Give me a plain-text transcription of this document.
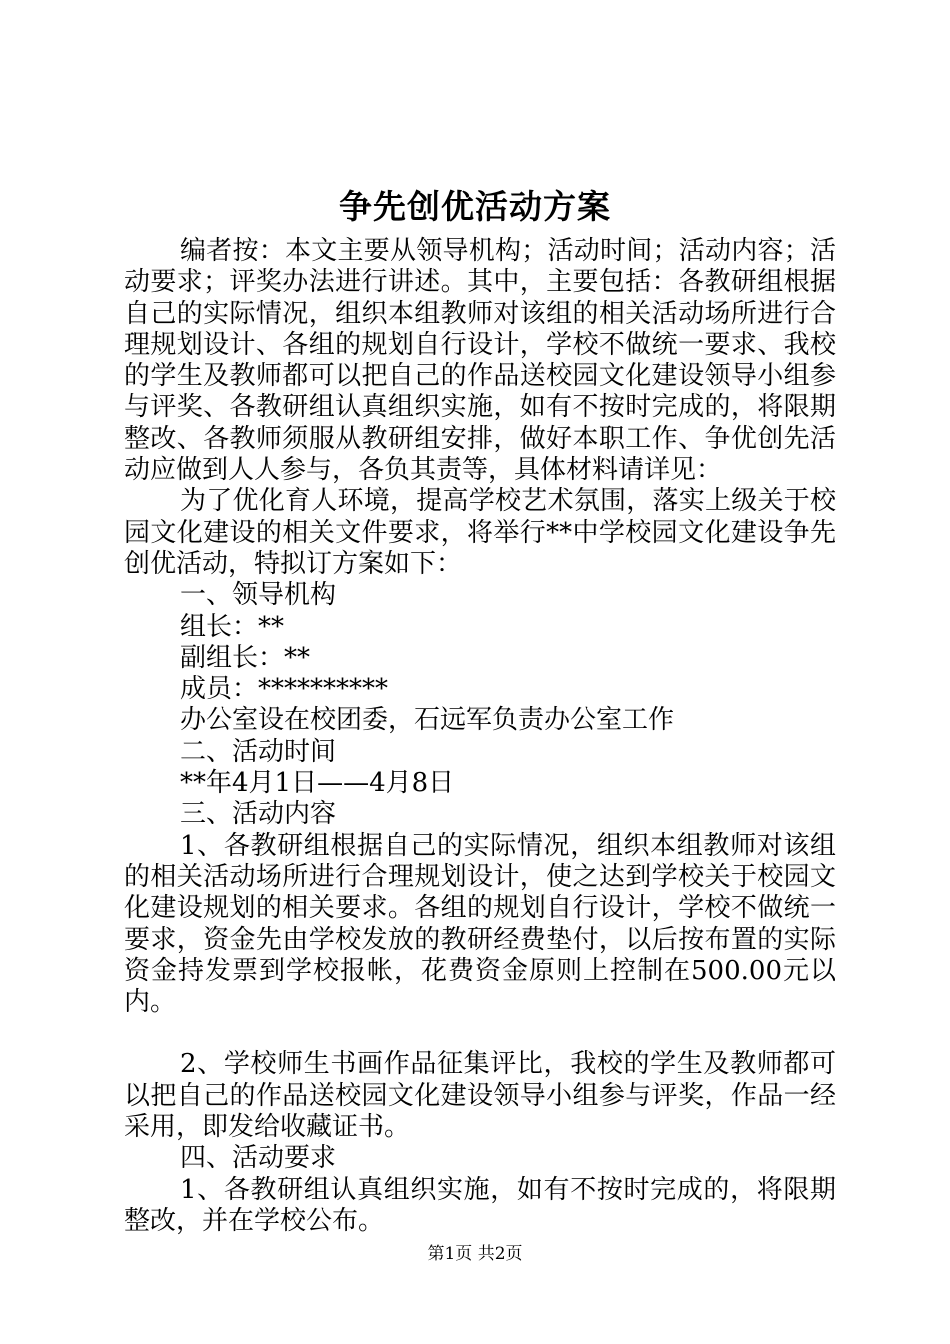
争先创优活动方案

编者按：本文主要从领导机构；活动时间；活动内容；活动要求；评奖办法进行讲述。其中，主要包括：各教研组根据自己的实际情况，组织本组教师对该组的相关活动场所进行合理规划设计、各组的规划自行设计，学校不做统一要求、我校的学生及教师都可以把自己的作品送校园文化建设领导小组参与评奖、各教研组认真组织实施，如有不按时完成的，将限期整改、各教师须服从教研组安排，做好本职工作、争优创先活动应做到人人参与，各负其责等，具体材料请详见：

为了优化育人环境，提高学校艺术氛围，落实上级关于校园文化建设的相关文件要求，将举行**中学校园文化建设争先创优活动，特拟订方案如下：

一、领导机构

组长：**

副组长：**

成员：**********

办公室设在校团委，石远军负责办公室工作

二、活动时间

**年4月1日——4月8日

三、活动内容

1、各教研组根据自己的实际情况，组织本组教师对该组的相关活动场所进行合理规划设计，使之达到学校关于校园文化建设规划的相关要求。各组的规划自行设计，学校不做统一要求，资金先由学校发放的教研经费垫付，以后按布置的实际资金持发票到学校报帐，花费资金原则上控制在500.00元以内。

2、学校师生书画作品征集评比，我校的学生及教师都可以把自己的作品送校园文化建设领导小组参与评奖，作品一经采用，即发给收藏证书。

四、活动要求

1、各教研组认真组织实施，如有不按时完成的，将限期整改，并在学校公布。

第1页 共2页
